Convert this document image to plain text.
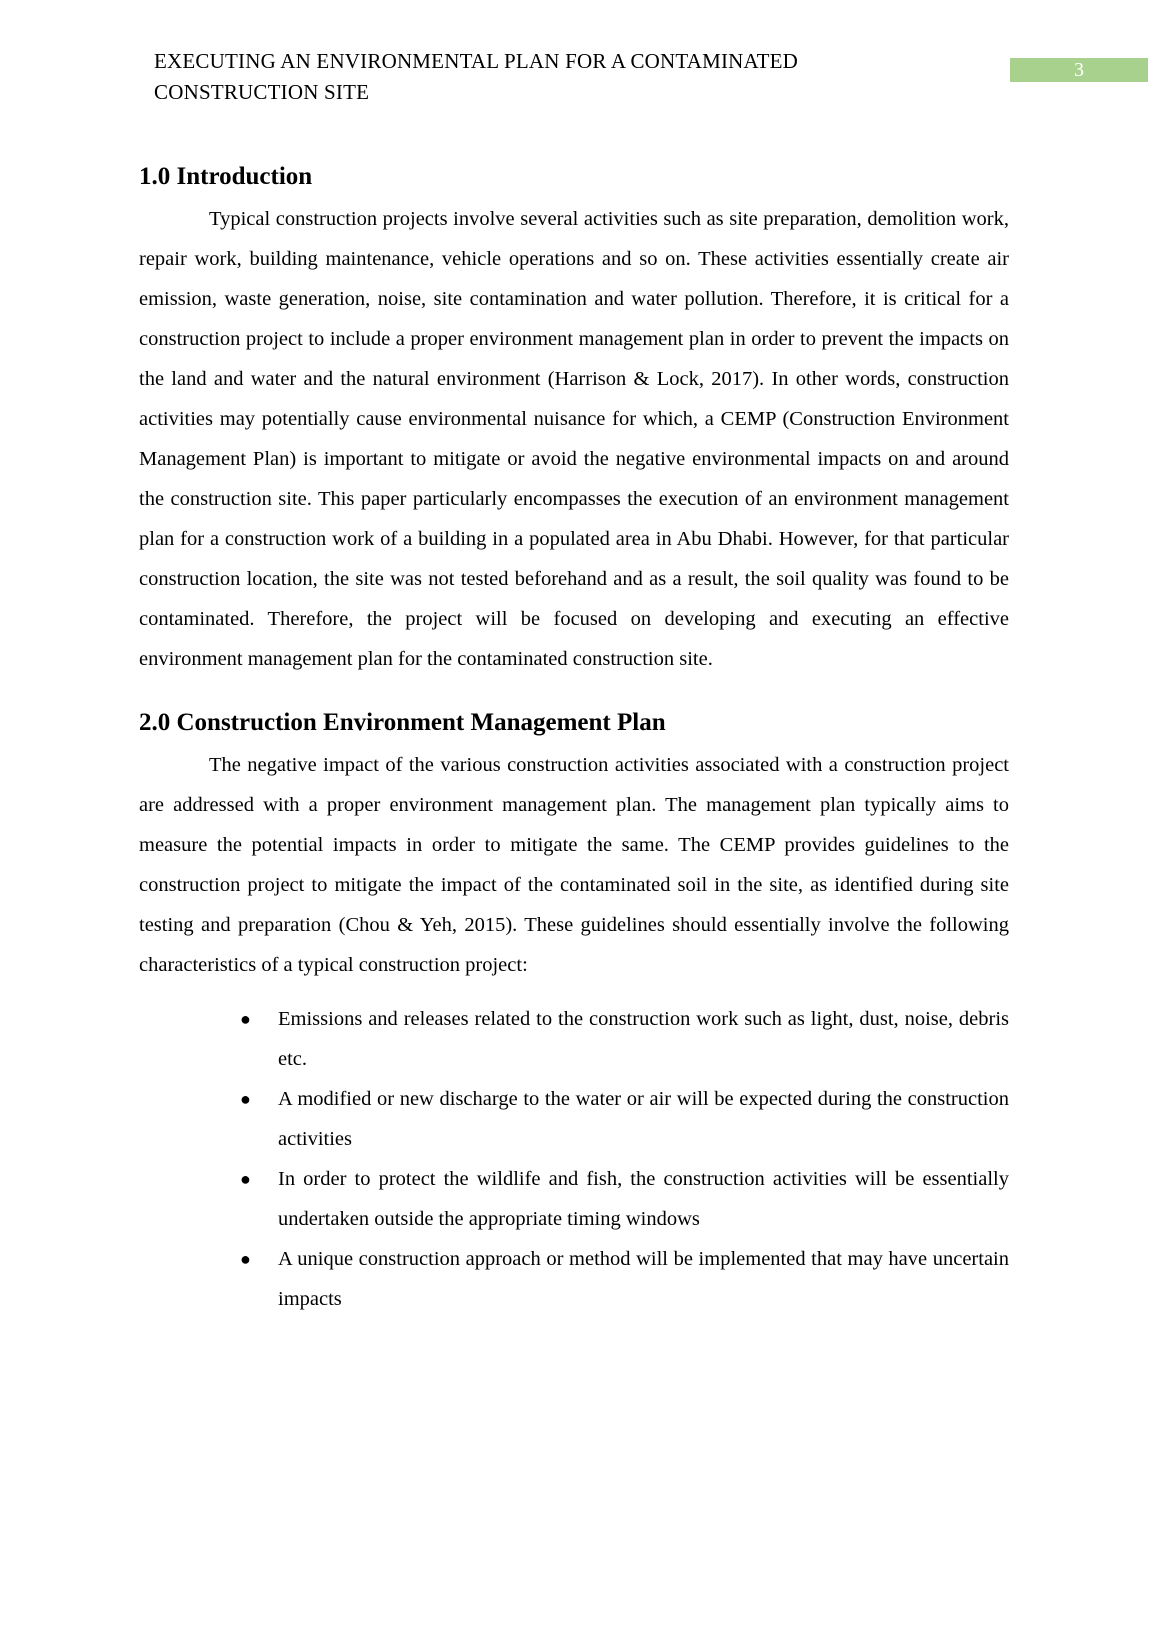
EXECUTING AN ENVIRONMENTAL PLAN FOR A CONTAMINATED
CONSTRUCTION SITE
3
1.0 Introduction

Typical construction projects involve several activities such as site preparation, demolition work, repair work, building maintenance, vehicle operations and so on. These activities essentially create air emission, waste generation, noise, site contamination and water pollution. Therefore, it is critical for a construction project to include a proper environment management plan in order to prevent the impacts on the land and water and the natural environment (Harrison & Lock, 2017). In other words, construction activities may potentially cause environmental nuisance for which, a CEMP (Construction Environment Management Plan) is important to mitigate or avoid the negative environmental impacts on and around the construction site. This paper particularly encompasses the execution of an environment management plan for a construction work of a building in a populated area in Abu Dhabi. However, for that particular construction location, the site was not tested beforehand and as a result, the soil quality was found to be contaminated. Therefore, the project will be focused on developing and executing an effective environment management plan for the contaminated construction site.

2.0 Construction Environment Management Plan

The negative impact of the various construction activities associated with a construction project are addressed with a proper environment management plan. The management plan typically aims to measure the potential impacts in order to mitigate the same. The CEMP provides guidelines to the construction project to mitigate the impact of the contaminated soil in the site, as identified during site testing and preparation (Chou & Yeh, 2015). These guidelines should essentially involve the following characteristics of a typical construction project:

● Emissions and releases related to the construction work such as light, dust, noise, debris etc.
● A modified or new discharge to the water or air will be expected during the construction activities
● In order to protect the wildlife and fish, the construction activities will be essentially undertaken outside the appropriate timing windows
● A unique construction approach or method will be implemented that may have uncertain impacts
